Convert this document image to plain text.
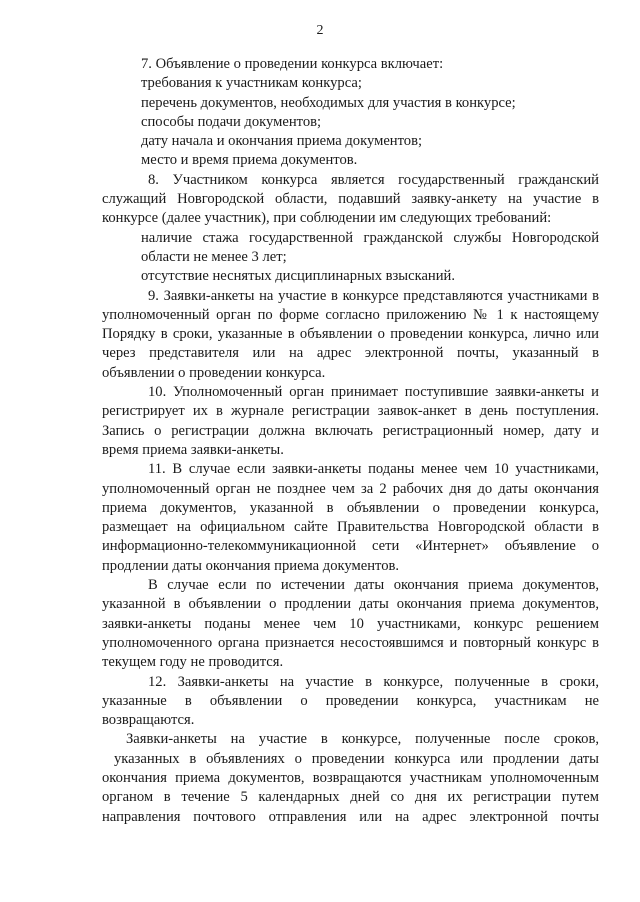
2
7. Объявление о проведении конкурса включает:
требования к участникам конкурса;
перечень документов, необходимых для участия в конкурсе;
способы подачи документов;
дату начала и окончания приема документов;
место и время приема документов.
8. Участником конкурса является государственный гражданский
служащий Новгородской области, подавший заявку-анкету на участие в
конкурсе (далее участник), при соблюдении им следующих требований:
наличие стажа государственной гражданской службы Новгородской
области не менее 3 лет;
отсутствие неснятых дисциплинарных взысканий.
9. Заявки-анкеты на участие в конкурсе представляются участниками в
уполномоченный орган по форме согласно приложению № 1 к настоящему
Порядку в сроки, указанные в объявлении о проведении конкурса, лично или
через представителя или на адрес электронной почты, указанный в
объявлении о проведении конкурса.
10. Уполномоченный орган принимает поступившие заявки-анкеты и
регистрирует их в журнале регистрации заявок-анкет в день поступления.
Запись о регистрации должна включать регистрационный номер, дату и
время приема заявки-анкеты.
11. В случае если заявки-анкеты поданы менее чем 10 участниками,
уполномоченный орган не позднее чем за 2 рабочих дня до даты окончания
приема документов, указанной в объявлении о проведении конкурса,
размещает на официальном сайте Правительства Новгородской области в
информационно-телекоммуникационной сети «Интернет» объявление о
продлении даты окончания приема документов.
В случае если по истечении даты окончания приема документов,
указанной в объявлении о продлении даты окончания приема документов,
заявки-анкеты поданы менее чем 10 участниками, конкурс решением
уполномоченного органа признается несостоявшимся и повторный конкурс в
текущем году не проводится.
12. Заявки-анкеты на участие в конкурсе, полученные в сроки,
указанные в объявлении о проведении конкурса, участникам не
возвращаются.
Заявки-анкеты на участие в конкурсе, полученные после сроков,
указанных в объявлениях о проведении конкурса или продлении даты
окончания приема документов, возвращаются участникам уполномоченным
органом в течение 5 календарных дней со дня их регистрации путем
направления почтового отправления или на адрес электронной почты
